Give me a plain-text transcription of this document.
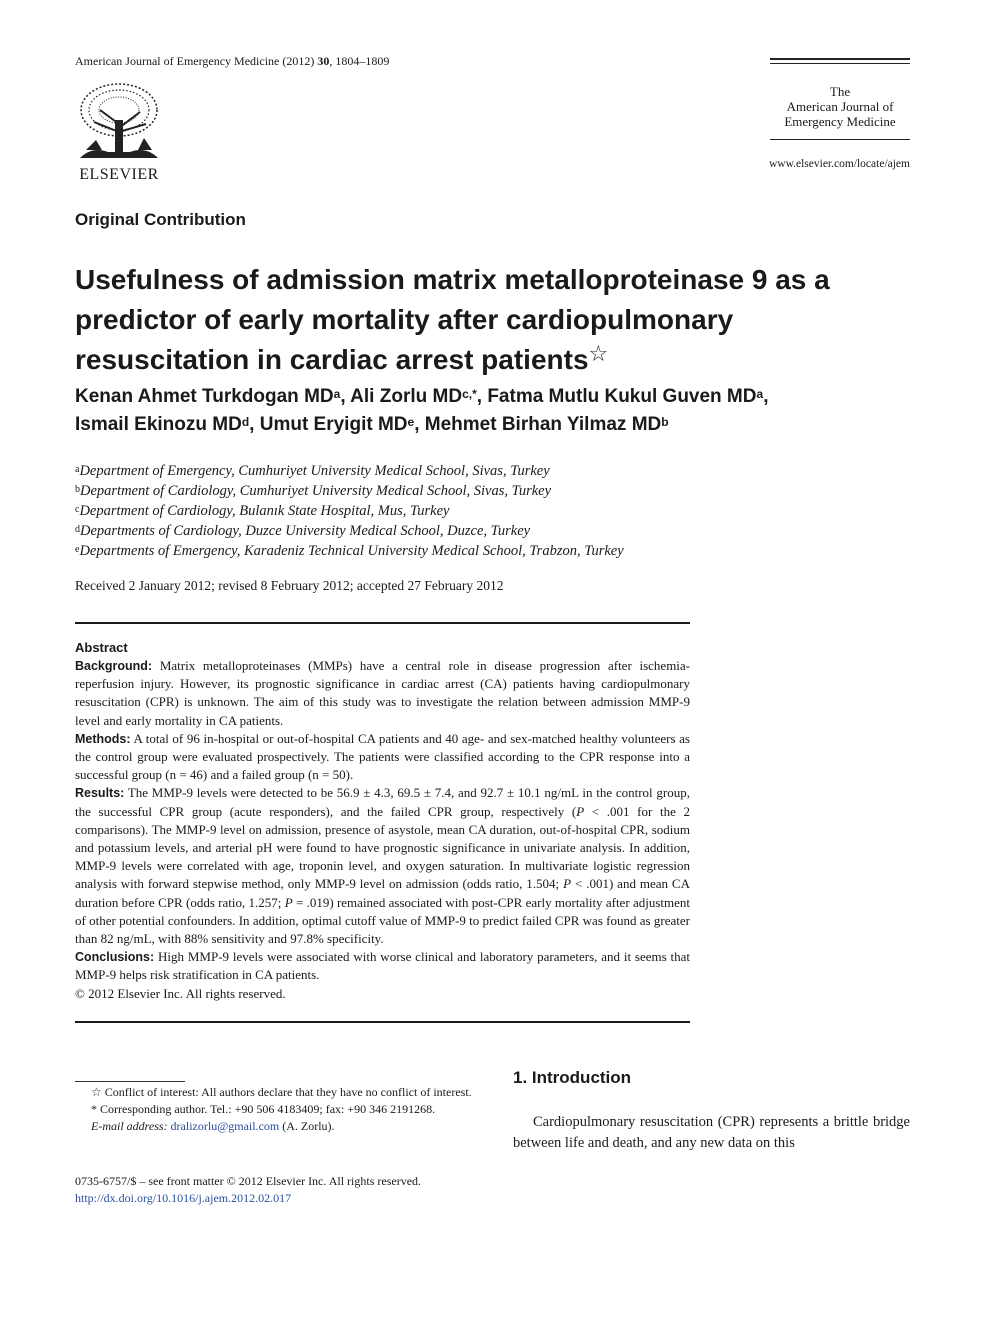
American Journal of Emergency Medicine (2012) 30, 1804–1809
ELSEVIER
The
American Journal of
Emergency Medicine
www.elsevier.com/locate/ajem
Original Contribution
Usefulness of admission matrix metalloproteinase 9 as a predictor of early mortality after cardiopulmonary resuscitation in cardiac arrest patients☆
Kenan Ahmet Turkdogan MD$^a$, Ali Zorlu MD$^{c,*}$, Fatma Mutlu Kukul Guven MD$^a$,
Ismail Ekinozu MD$^d$, Umut Eryigit MDe, Mehmet Birhan Yilmaz MD$^b$
$^a$Department of Emergency, Cumhuriyet University Medical School, Sivas, Turkey
$^b$Department of Cardiology, Cumhuriyet University Medical School, Sivas, Turkey
$^c$Department of Cardiology, Bulanık State Hospital, Mus, Turkey
$^d$Departments of Cardiology, Duzce University Medical School, Duzce, Turkey
$^e$Departments of Emergency, Karadeniz Technical University Medical School, Trabzon, Turkey
Received 2 January 2012; revised 8 February 2012; accepted 27 February 2012
Abstract

Background: Matrix metalloproteinases (MMPs) have a central role in disease progression after ischemia-reperfusion injury. However, its prognostic significance in cardiac arrest (CA) patients having cardiopulmonary resuscitation (CPR) is unknown. The aim of this study was to investigate the relation between admission MMP-9 level and early mortality in CA patients.

Methods: A total of 96 in-hospital or out-of-hospital CA patients and 40 age- and sex-matched healthy volunteers as the control group were evaluated prospectively. The patients were classified according to the CPR response into a successful group (n = 46) and a failed group (n = 50).

Results: The MMP-9 levels were detected to be 56.9 ± 4.3, 69.5 ± 7.4, and 92.7 ± 10.1 ng/mL in the control group, the successful CPR group (acute responders), and the failed CPR group, respectively (P < .001 for the 2 comparisons). The MMP-9 level on admission, presence of asystole, mean CA duration, out-of-hospital CPR, sodium and potassium levels, and arterial pH were found to have prognostic significance in univariate analysis. In addition, MMP-9 levels were correlated with age, troponin level, and oxygen saturation. In multivariate logistic regression analysis with forward stepwise method, only MMP-9 level on admission (odds ratio, 1.504; P < .001) and mean CA duration before CPR (odds ratio, 1.257; P = .019) remained associated with post-CPR early mortality after adjustment of other potential confounders. In addition, optimal cutoff value of MMP-9 to predict failed CPR was found as greater than 82 ng/mL, with 88% sensitivity and 97.8% specificity.

Conclusions: High MMP-9 levels were associated with worse clinical and laboratory parameters, and it seems that MMP-9 helps risk stratification in CA patients.

© 2012 Elsevier Inc. All rights reserved.

☆ Conflict of interest: All authors declare that they have no conflict of interest.

* Corresponding author. Tel.: +90 506 4183409; fax: +90 346 2191268.

E-mail address: dralizorlu@gmail.com (A. Zorlu).

0735-6757/$ – see front matter © 2012 Elsevier Inc. All rights reserved.
http://dx.doi.org/10.1016/j.ajem.2012.02.017
1. Introduction
Cardiopulmonary resuscitation (CPR) represents a brittle bridge between life and death, and any new data on this
